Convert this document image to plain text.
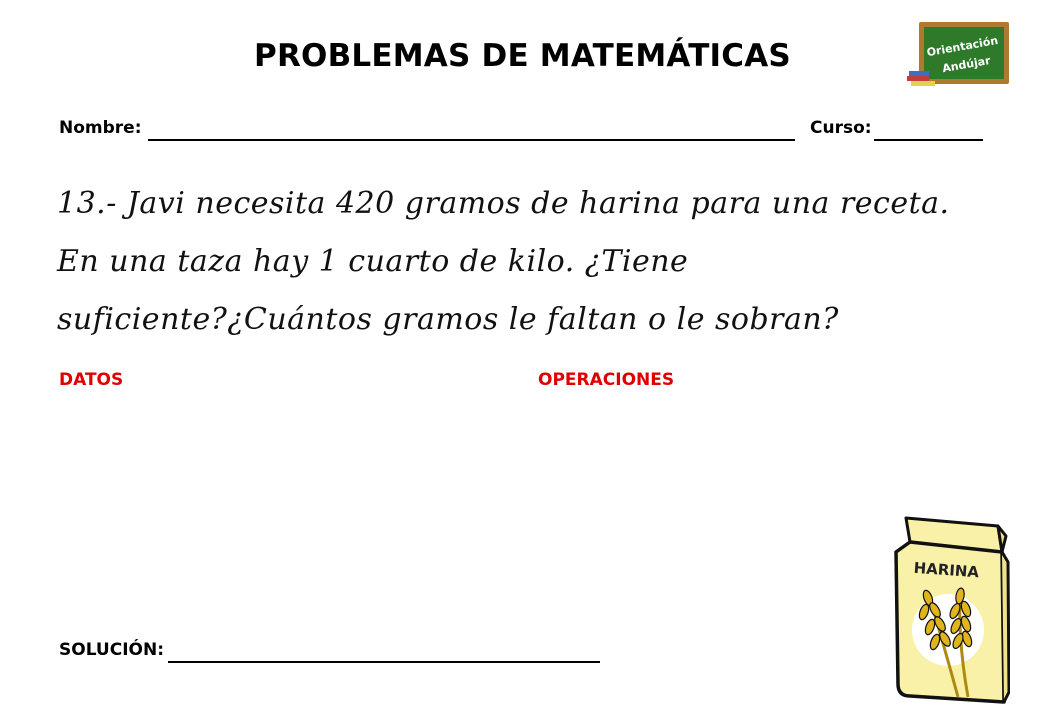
PROBLEMAS DE MATEMÁTICAS	Orientación
Andújar
Nombre:	Curso:
13.- Javi necesita 420 gramos de harina para una receta.
En una taza hay 1 cuarto de kilo. ¿Tiene
suficiente?¿Cuántos gramos le faltan o le sobran?
DATOS	OPERACIONES
SOLUCIÓN:
HARINA
